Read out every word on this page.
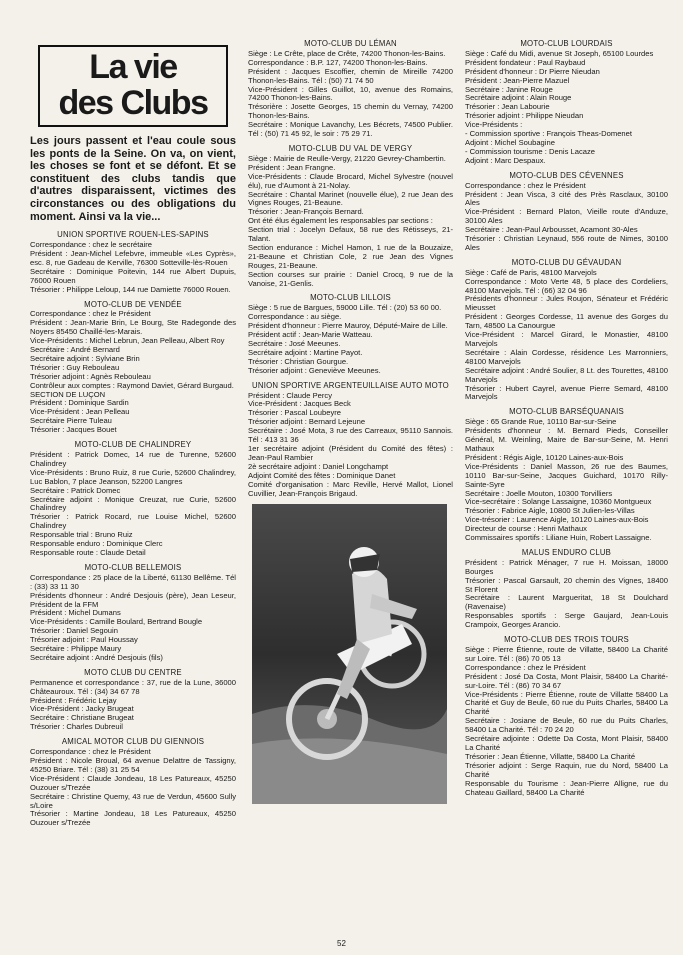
La vie
des Clubs
Les jours passent et l'eau coule sous les ponts de la Seine. On va, on vient, les choses se font et se défont. Et se constituent des clubs tandis que d'autres disparaissent, victimes des circonstances ou des obligations du moment. Ainsi va la vie...
UNION SPORTIVE ROUEN-LES-SAPINS

Correspondance : chez le secrétaire

Président : Jean-Michel Lefebvre, immeuble «Les Cyprès», esc. 8, rue Gadeau de Kerville, 76300 Sotteville-lès-Rouen

Secrétaire : Dominique Poitevin, 144 rue Albert Dupuis, 76000 Rouen

Trésorier : Philippe Leloup, 144 rue Damiette 76000 Rouen.

MOTO-CLUB DE VENDÉE

Correspondance : chez le Président

Président : Jean-Marie Brin, Le Bourg, Ste Radegonde des Noyers 85450 Chaillé-les-Marais.

Vice-Présidents : Michel Lebrun, Jean Pelleau, Albert Roy

Secrétaire : André Bernard

Secrétaire adjoint : Sylviane Brin

Trésorier : Guy Rebouleau

Trésorier adjoint : Agnès Rebouleau

Contrôleur aux comptes : Raymond Daviet, Gérard Burgaud.

SECTION DE LUÇON

Président : Dominique Sardin

Vice-Président : Jean Pelleau

Secrétaire Pierre Tuleau

Trésorier : Jacques Bouet

MOTO-CLUB DE CHALINDREY

Président : Patrick Domec, 14 rue de Turenne, 52600 Chalindrey

Vice-Présidents : Bruno Ruiz, 8 rue Curie, 52600 Chalindrey, Luc Bablon, 7 place Jeanson, 52200 Langres

Secrétaire : Patrick Domec

Secrétaire adjoint : Monique Creuzat, rue Curie, 52600 Chalindrey

Trésorier : Patrick Rocard, rue Louise Michel, 52600 Chalindrey

Responsable trial : Bruno Ruiz

Responsable enduro : Dominique Clerc

Responsable route : Claude Detail

MOTO-CLUB BELLEMOIS

Correspondance : 25 place de la Liberté, 61130 Bellême. Tél : (33) 33 11 30

Présidents d'honneur : André Desjouis (père), Jean Leseur, Président de la FFM

Président : Michel Dumans

Vice-Présidents : Camille Boulard, Bertrand Bougle

Trésorier : Daniel Segouin

Trésorier adjoint : Paul Houssay

Secrétaire : Philippe Maury

Secrétaire adjoint : André Desjouis (fils)

MOTO CLUB DU CENTRE

Permanence et correspondance : 37, rue de la Lune, 36000 Châteauroux. Tél : (34) 34 67 78

Président : Frédéric Lejay

Vice-Président : Jacky Brugeat

Secrétaire : Christiane Brugeat

Trésorier : Charles Dubreuil

AMICAL MOTOR CLUB DU GIENNOIS

Correspondance : chez le Président

Président : Nicole Broual, 64 avenue Delattre de Tassigny, 45250 Briare. Tél : (38) 31 25 54

Vice-Président : Claude Jondeau, 18 Les Patureaux, 45250 Ouzouer s/Trezée

Secrétaire : Christine Quemy, 43 rue de Verdun, 45600 Sully s/Loire

Trésorier : Martine Jondeau, 18 Les Patureaux, 45250 Ouzouer s/Trezée

MOTO-CLUB DU LÉMAN

Siège : Le Crête, place de Crête, 74200 Thonon-les-Bains.

Correspondance : B.P. 127, 74200 Thonon-les-Bains.

Président : Jacques Escoffier, chemin de Mireille 74200 Thonon-les-Bains. Tél : (50) 71 74 50

Vice-Président : Gilles Guillot, 10, avenue des Romains, 74200 Thonon-les-Bains.

Trésorière : Josette Georges, 15 chemin du Vernay, 74200 Thonon-les-Bains.

Secrétaire : Monique Lavanchy, Les Bécrets, 74500 Publier. Tél : (50) 71 45 92, le soir : 75 29 71.

MOTO-CLUB DU VAL DE VERGY

Siège : Mairie de Reulle-Vergy, 21220 Gevrey-Chambertin.

Président : Jean Frangne.

Vice-Présidents : Claude Brocard, Michel Sylvestre (nouvel élu), rue d'Aumont à 21-Nolay.

Secrétaire : Chantal Marinet (nouvelle élue), 2 rue Jean des Vignes Rouges, 21-Beaune.

Trésorier : Jean-François Bernard.

Ont été élus également les responsables par sections :

Section trial : Jocelyn Defaux, 58 rue des Rétisseys, 21-Talant.

Section endurance : Michel Hamon, 1 rue de la Bouzaize, 21-Beaune et Christian Cole, 2 rue Jean des Vignes Rouges, 21-Beaune.

Section courses sur prairie : Daniel Crocq, 9 rue de la Vanoise, 21-Genlis.

MOTO-CLUB LILLOIS

Siège : 5 rue de Bargues, 59000 Lille. Tél : (20) 53 60 00.

Correspondance : au siège.

Président d'honneur : Pierre Mauroy, Député-Maire de Lille.

Président actif : Jean-Marie Watteau.

Secrétaire : José Meeunes.

Secrétaire adjoint : Martine Payot.

Trésorier : Christian Gourgue.

Trésorier adjoint : Geneviève Meeunes.

UNION SPORTIVE ARGENTEUILLAISE AUTO MOTO

Président : Claude Percy

Vice-Président : Jacques Beck

Trésorier : Pascal Loubeyre

Trésorier adjoint : Bernard Lejeune

Secrétaire : José Mota, 3 rue des Carreaux, 95110 Sannois. Tél : 413 31 36

1er secrétaire adjoint (Président du Comité des fêtes) : Jean-Paul Rambier

2è secrétaire adjoint : Daniel Longchampt

Adjoint Comité des fêtes : Dominique Danet

Comité d'organisation : Marc Reville, Hervé Mallot, Lionel Cuvillier, Jean-François Brigaud.

MOTO-CLUB LOURDAIS

Siège : Café du Midi, avenue St Joseph, 65100 Lourdes

Président fondateur : Paul Raybaud

Président d'honneur : Dr Pierre Nieudan

Président : Jean-Pierre Mazuel

Secrétaire : Janine Rouge

Secrétaire adjoint : Alain Rouge

Trésorier : Jean Labourie

Trésorier adjoint : Philippe Nieudan

Vice-Présidents :

- Commission sportive : François Theas-Domenet

Adjoint : Michel Soubagine

- Commission tourisme : Denis Lacaze

Adjoint : Marc Despaux.

MOTO-CLUB DES CÉVENNES

Correspondance : chez le Président

Président : Jean Visca, 3 cité des Près Rasclaux, 30100 Ales

Vice-Président : Bernard Platon, Vieille route d'Anduze, 30100 Ales

Secrétaire : Jean-Paul Arbousset, Acamont 30-Ales

Trésorier : Christian Leynaud, 556 route de Nimes, 30100 Ales

MOTO-CLUB DU GÉVAUDAN

Siège : Café de Paris, 48100 Marvejols

Correspondance : Moto Verte 48, 5 place des Cordeliers, 48100 Marvejols. Tél : (66) 32 04 96

Présidents d'honneur : Jules Roujon, Sénateur et Frédéric Mieusset

Président : Georges Cordesse, 11 avenue des Gorges du Tarn, 48500 La Canourgue

Vice-Président : Marcel Girard, le Monastier, 48100 Marvejols

Secrétaire : Alain Cordesse, résidence Les Marronniers, 48100 Marvejols

Secrétaire adjoint : André Soulier, 8 Lt. des Tourettes, 48100 Marvejols

Trésorier : Hubert Cayrel, avenue Pierre Semard, 48100 Marvejols

MOTO-CLUB BARSÉQUANAIS

Siège : 65 Grande Rue, 10110 Bar-sur-Seine

Présidents d'honneur : M. Bernard Pieds, Conseiller Général, M. Weinling, Maire de Bar-sur-Seine, M. Henri Mathaux

Président : Régis Aigle, 10120 Laines-aux-Bois

Vice-Présidents : Daniel Masson, 26 rue des Baumes, 10110 Bar-sur-Seine, Jacques Guichard, 10170 Rilly-Sainte-Syre

Secrétaire : Joelle Mouton, 10300 Torvilliers

Vice-secrétaire : Solange Lassaigne, 10360 Montgueux

Trésorier : Fabrice Aigle, 10800 St Julien-les-Villas

Vice-trésorier : Laurence Aigle, 10120 Laines-aux-Bois

Directeur de course : Henri Mathaux

Commissaires sportifs : Liliane Huin, Robert Lassaigne.

MALUS ENDURO CLUB

Président : Patrick Ménager, 7 rue H. Moissan, 18000 Bourges

Trésorier : Pascal Garsault, 20 chemin des Vignes, 18400 St Florent

Secrétaire : Laurent Margueritat, 18 St Doulchard (Ravenaise)

Responsables sportifs : Serge Gaujard, Jean-Louis Crampoix, Georges Arancio.

MOTO-CLUB DES TROIS TOURS

Siège : Pierre Étienne, route de Villatte, 58400 La Charité sur Loire. Tél : (86) 70 05 13

Correspondance : chez le Président

Président : José Da Costa, Mont Plaisir, 58400 La Charité-sur-Loire. Tél : (86) 70 34 67

Vice-Présidents : Pierre Étienne, route de Villatte 58400 La Charité et Guy de Beule, 60 rue du Puits Charles, 58400 La Charité

Secrétaire : Josiane de Beule, 60 rue du Puits Charles, 58400 La Charité. Tél : 70 24 20

Secrétaire adjointe : Odette Da Costa, Mont Plaisir, 58400 La Charité

Trésorier : Jean Étienne, Villatte, 58400 La Charité

Trésorier adjoint : Serge Raquin, rue du Nord, 58400 La Charité

Responsable du Tourisme : Jean-Pierre Alligne, rue du Chateau Gaillard, 58400 La Charité

52
